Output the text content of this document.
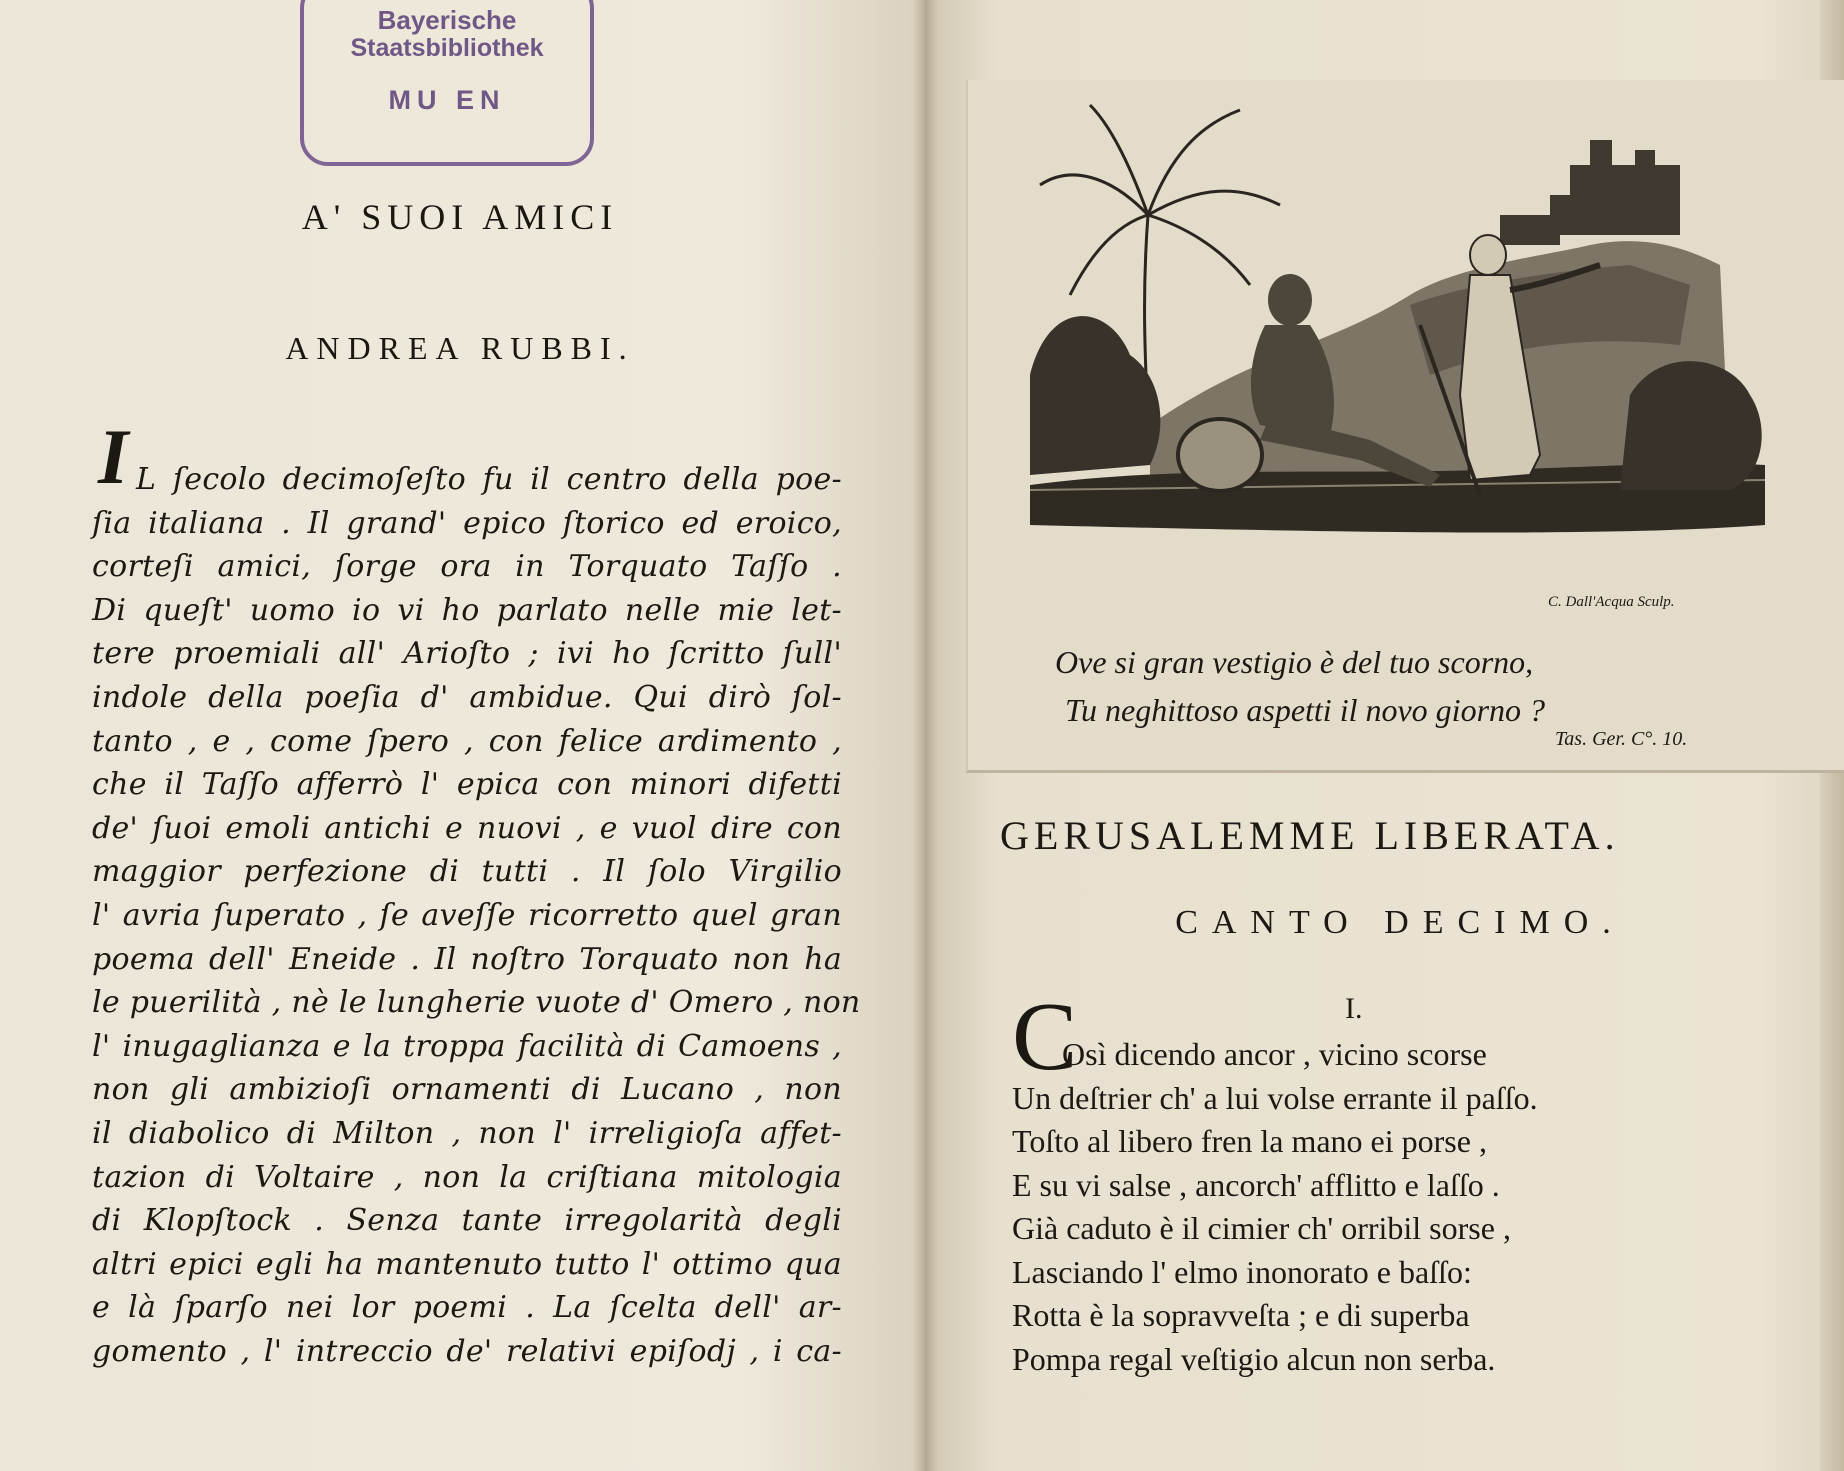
Bayerische
Staatsbibliothek
MU EN
A' SUOI AMICI
ANDREA RUBBI.
I L ſecolo decimoſeſto fu il centro della poe-
ſia italiana . Il grand' epico ſtorico ed eroico,
corteſi amici, ſorge ora in Torquato Taſſo .
Di queſt' uomo io vi ho parlato nelle mie let-
tere proemiali all' Arioſto ; ivi ho ſcritto ſull'
indole della poeſia d' ambidue. Qui dirò ſol-
tanto , e , come ſpero , con felice ardimento ,
che il Taſſo afferrò l' epica con minori difetti
de' ſuoi emoli antichi e nuovi , e vuol dire con
maggior perfezione di tutti . Il ſolo Virgilio
l' avria ſuperato , ſe aveſſe ricorretto quel gran
poema dell' Eneide . Il noſtro Torquato non ha
le puerilità , nè le lungherie vuote d' Omero , non
l' inugaglianza e la troppa facilità di Camoens ,
non gli ambizioſi ornamenti di Lucano , non
il diabolico di Milton , non l' irreligioſa affet-
tazion di Voltaire , non la criſtiana mitologia
di Klopſtock . Senza tante irregolarità degli
altri epici egli ha mantenuto tutto l' ottimo qua
e là ſparſo nei lor poemi . La ſcelta dell' ar-
gomento , l' intreccio de' relativi epiſodj , i ca-
C. Dall'Acqua Sculp.
Ove si gran vestigio è del tuo scorno,
Tu neghittoso aspetti il novo giorno ?
Tas. Ger. C°. 10.
GERUSALEMME LIBERATA.
CANTO DECIMO.
I.
C
Osì dicendo ancor , vicino scorse
Un deſtrier ch' a lui volse errante il paſſo.
Toſto al libero fren la mano ei porse ,
E su vi salse , ancorch' afflitto e laſſo .
Già caduto è il cimier ch' orribil sorse ,
Lasciando l' elmo inonorato e baſſo:
Rotta è la sopravveſta ; e di superba
Pompa regal veſtigio alcun non serba.
